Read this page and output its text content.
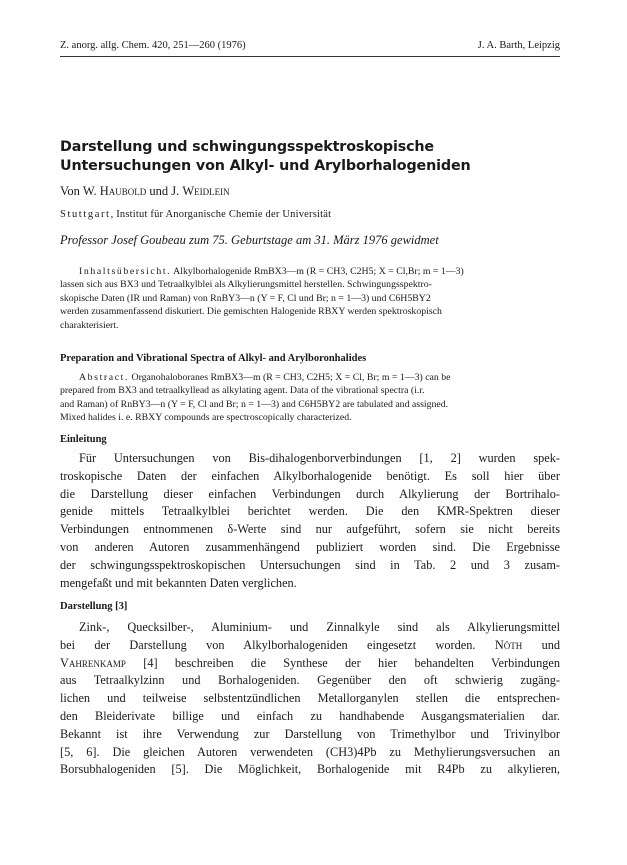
Z. anorg. allg. Chem. 420, 251—260 (1976)	J. A. Barth, Leipzig
Darstellung und schwingungsspektroskopische
Untersuchungen von Alkyl- und Arylborhalogeniden
Von W. Haubold und J. Weidlein
Stuttgart, Institut für Anorganische Chemie der Universität
Professor Josef Goubeau zum 75. Geburtstage am 31. März 1976 gewidmet
Inhaltsübersicht. Alkylborhalogenide RmBX3—m (R = CH3, C2H5; X = Cl,Br; m = 1—3)
lassen sich aus BX3 und Tetraalkylblei als Alkylierungsmittel herstellen. Schwingungsspektro-
skopische Daten (IR und Raman) von RnBY3—n (Y = F, Cl und Br; n = 1—3) und C6H5BY2
werden zusammenfassend diskutiert. Die gemischten Halogenide RBXY werden spektroskopisch
charakterisiert.
Preparation and Vibrational Spectra of Alkyl- and Arylboronhalides
Abstract. Organohaloboranes RmBX3—m (R = CH3, C2H5; X = Cl, Br; m = 1—3) can be
prepared from BX3 and tetraalkyllead as alkylating agent. Data of the vibrational spectra (i.r.
and Raman) of RnBY3—n (Y = F, Cl and Br; n = 1—3) and C6H5BY2 are tabulated and assigned.
Mixed halides i. e. RBXY compounds are spectroscopically characterized.
Einleitung
Für Untersuchungen von Bis-dihalogenborverbindungen [1, 2] wurden spek-
troskopische Daten der einfachen Alkylborhalogenide benötigt. Es soll hier über
die Darstellung dieser einfachen Verbindungen durch Alkylierung der Bortrihalo-
genide mittels Tetraalkylblei berichtet werden. Die den KMR-Spektren dieser
Verbindungen entnommenen δ-Werte sind nur aufgeführt, sofern sie nicht bereits
von anderen Autoren zusammenhängend publiziert worden sind. Die Ergebnisse
der schwingungsspektroskopischen Untersuchungen sind in Tab. 2 und 3 zusam-
mengefaßt und mit bekannten Daten verglichen.
Darstellung [3]
Zink-, Quecksilber-, Aluminium- und Zinnalkyle sind als Alkylierungsmittel
bei der Darstellung von Alkylborhalogeniden eingesetzt worden. Nöth und
Vahrenkamp [4] beschreiben die Synthese der hier behandelten Verbindungen
aus Tetraalkylzinn und Borhalogeniden. Gegenüber den oft schwierig zugäng-
lichen und teilweise selbstentzündlichen Metallorganylen stellen die entsprechen-
den Bleiderivate billige und einfach zu handhabende Ausgangsmaterialien dar.
Bekannt ist ihre Verwendung zur Darstellung von Trimethylbor und Trivinylbor
[5, 6]. Die gleichen Autoren verwendeten (CH3)4Pb zu Methylierungsversuchen an
Borsubhalogeniden [5]. Die Möglichkeit, Borhalogenide mit R4Pb zu alkylieren,
